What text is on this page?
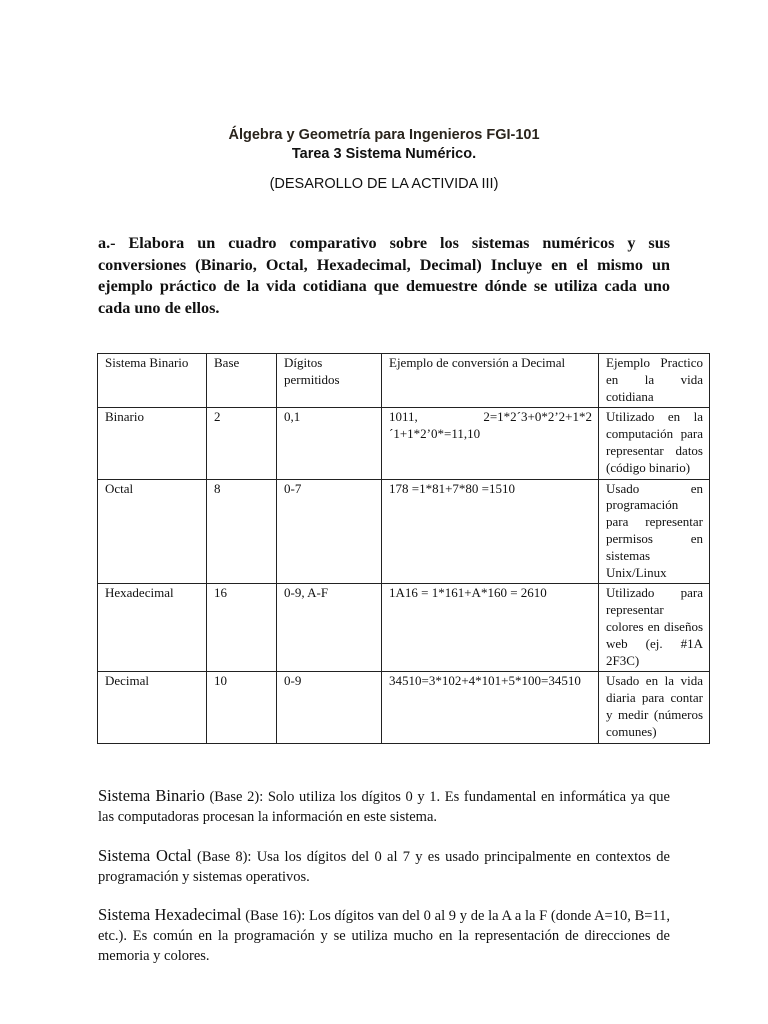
Álgebra y Geometría para Ingenieros FGI-101
Tarea 3 Sistema Numérico.
(DESAROLLO DE LA ACTIVIDA III)
a.- Elabora un cuadro comparativo sobre los sistemas numéricos y sus conversiones (Binario, Octal, Hexadecimal, Decimal) Incluye en el mismo un ejemplo práctico de la vida cotidiana que demuestre dónde se utiliza cada uno cada uno de ellos.
Sistema Binario	Base	Dígitos permitidos	Ejemplo de conversión a Decimal	Ejemplo Practico en la vida cotidiana
Binario	2	0,1	1011, 2=1*2´3+0*2’2+1*2´1+1*2’0*=11,10	Utilizado en la computación para representar datos (código binario)
Octal	8	0-7	178 =1*81+7*80 =1510	Usado en programación para representar permisos en sistemas Unix/Linux
Hexadecimal	16	0-9, A-F	1A16 = 1*161+A*160 = 2610	Utilizado para representar colores en diseños web (ej. #1A 2F3C)
Decimal	10	0-9	34510=3*102+4*101+5*100=34510	Usado en la vida diaria para contar y medir (números comunes)
Sistema Binario (Base 2): Solo utiliza los dígitos 0 y 1. Es fundamental en informática ya que las computadoras procesan la información en este sistema.
Sistema Octal (Base 8): Usa los dígitos del 0 al 7 y es usado principalmente en contextos de programación y sistemas operativos.
Sistema Hexadecimal (Base 16): Los dígitos van del 0 al 9 y de la A a la F (donde A=10, B=11, etc.). Es común en la programación y se utiliza mucho en la representación de direcciones de memoria y colores.
